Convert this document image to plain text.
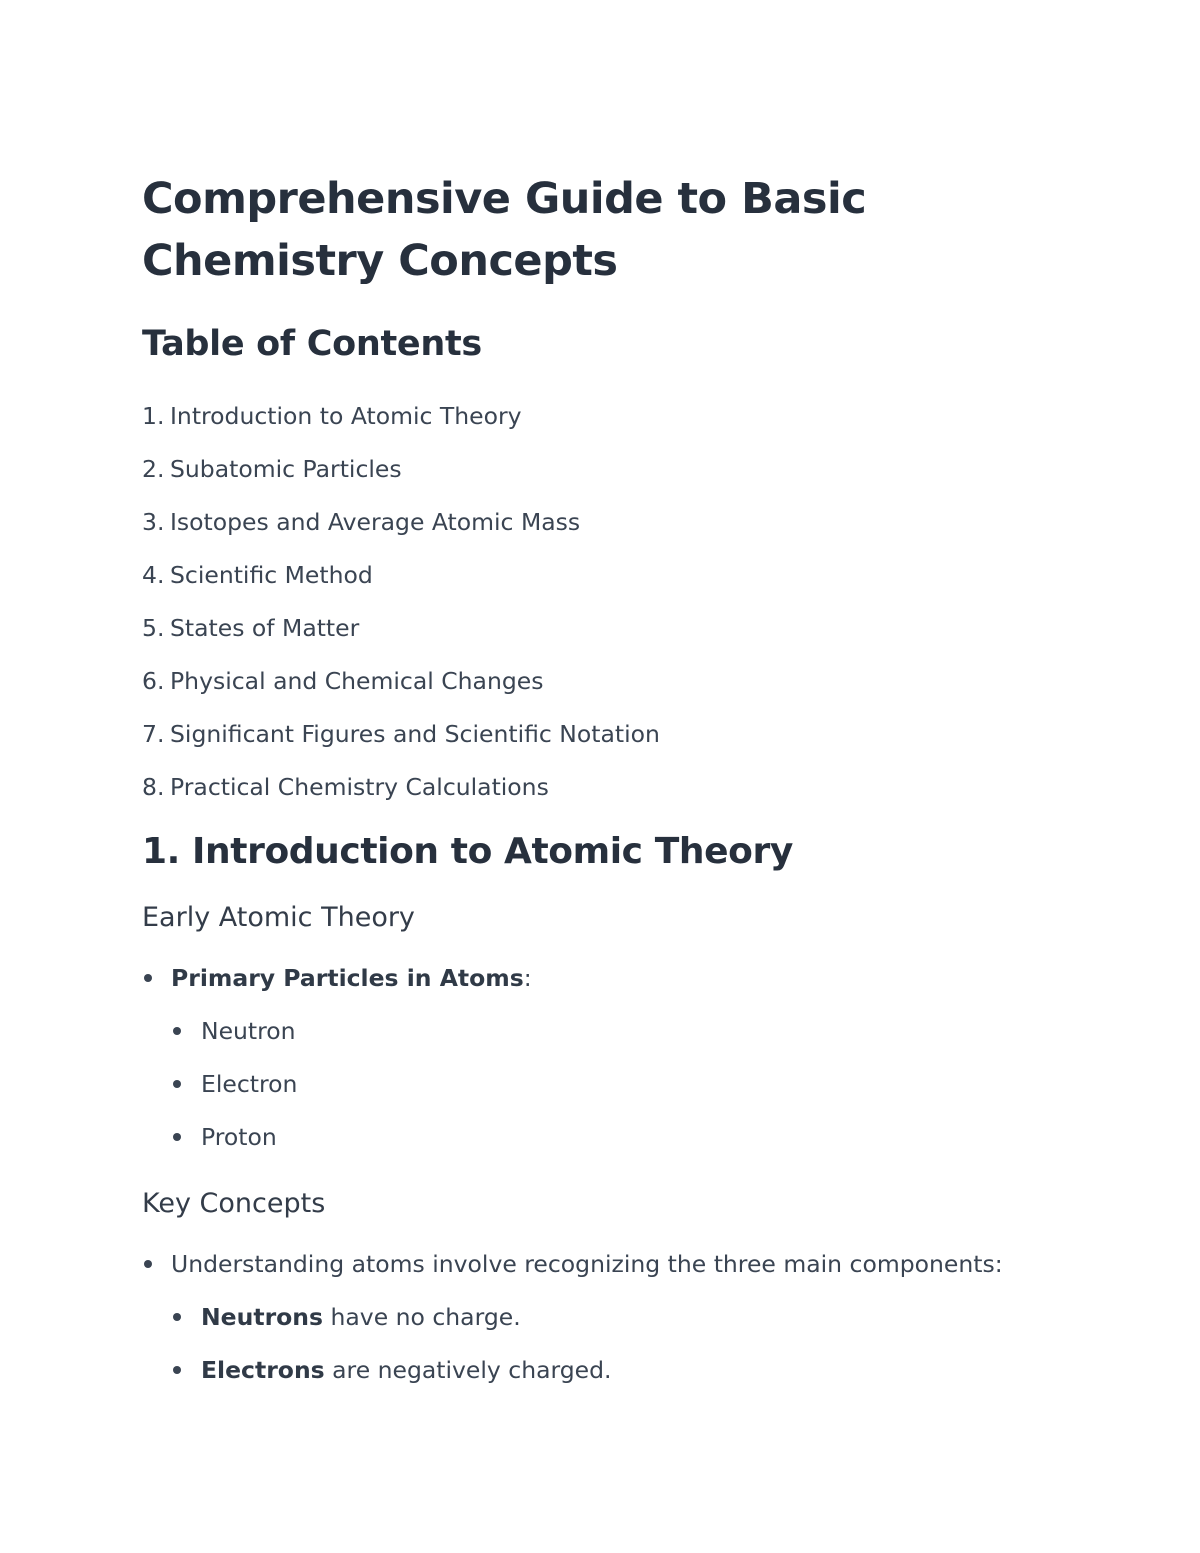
Comprehensive Guide to Basic
Chemistry Concepts
Table of Contents
1. Introduction to Atomic Theory
2. Subatomic Particles
3. Isotopes and Average Atomic Mass
4. Scientific Method
5. States of Matter
6. Physical and Chemical Changes
7. Significant Figures and Scientific Notation
8. Practical Chemistry Calculations
1. Introduction to Atomic Theory
Early Atomic Theory
Primary Particles in Atoms:
Neutron
Electron
Proton
Key Concepts
Understanding atoms involve recognizing the three main components:
Neutrons have no charge.
Electrons are negatively charged.
